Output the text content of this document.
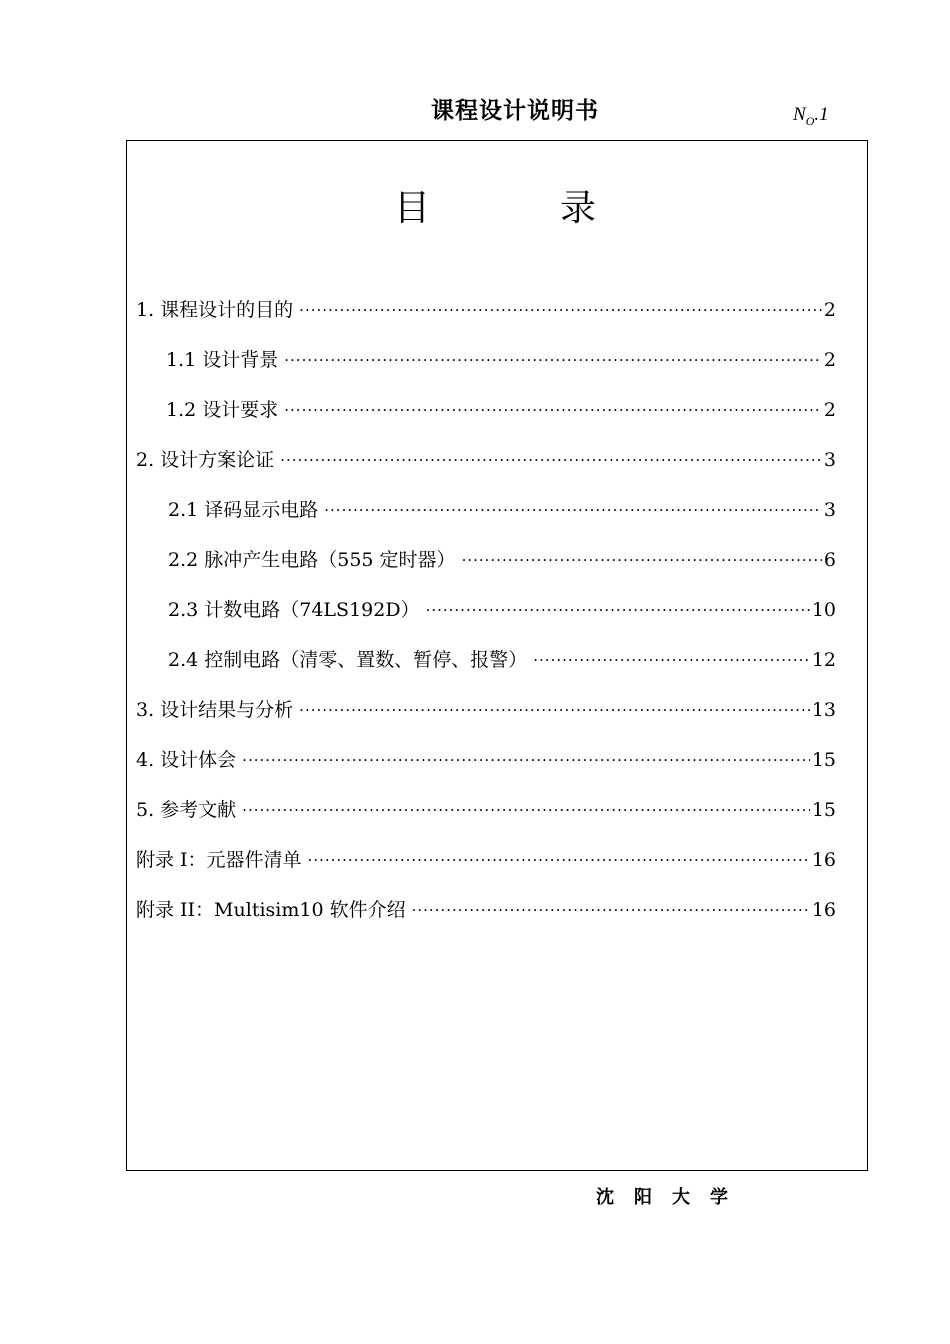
课程设计说明书	$N_O.1$
目	录
1. 课程设计的目的 ·····	2
1.1 设计背景 ·····	2
1.2 设计要求 ·····	2
2. 设计方案论证 ·····	3
2.1 译码显示电路 ·····	3
2.2 脉冲产生电路（555 定时器） ·····	6
2.3 计数电路（74LS192D） ·····	10
2.4 控制电路（清零、置数、暂停、报警） ·····	12
3. 设计结果与分析 ·····	13
4. 设计体会 ·····	15
5. 参考文献 ·····	15
附录 I：元器件清单 ·····	16
附录 II：Multisim10 软件介绍 ·····	16
沈阳大学
